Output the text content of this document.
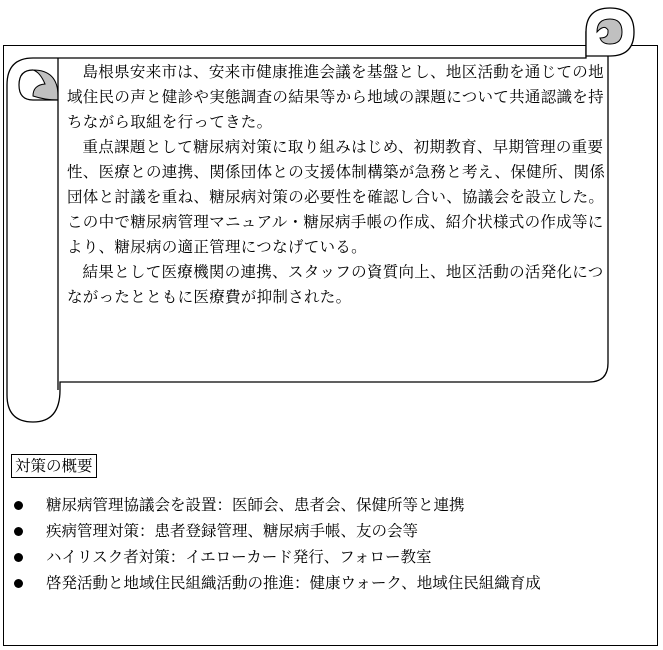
島根県安来市は、安来市健康推進会議を基盤とし、地区活動を通じての地域住民の声と健診や実態調査の結果等から地域の課題について共通認識を持ちながら取組を行ってきた。

重点課題として糖尿病対策に取り組みはじめ、初期教育、早期管理の重要性、医療との連携、関係団体との支援体制構築が急務と考え、保健所、関係団体と討議を重ね、糖尿病対策の必要性を確認し合い、協議会を設立した。この中で糖尿病管理マニュアル・糖尿病手帳の作成、紹介状様式の作成等により、糖尿病の適正管理につなげている。

結果として医療機関の連携、スタッフの資質向上、地区活動の活発化につながったとともに医療費が抑制された。

対策の概要
糖尿病管理協議会を設置：医師会、患者会、保健所等と連携
疾病管理対策：患者登録管理、糖尿病手帳、友の会等
ハイリスク者対策：イエローカード発行、フォロー教室
啓発活動と地域住民組織活動の推進：健康ウォーク、地域住民組織育成
